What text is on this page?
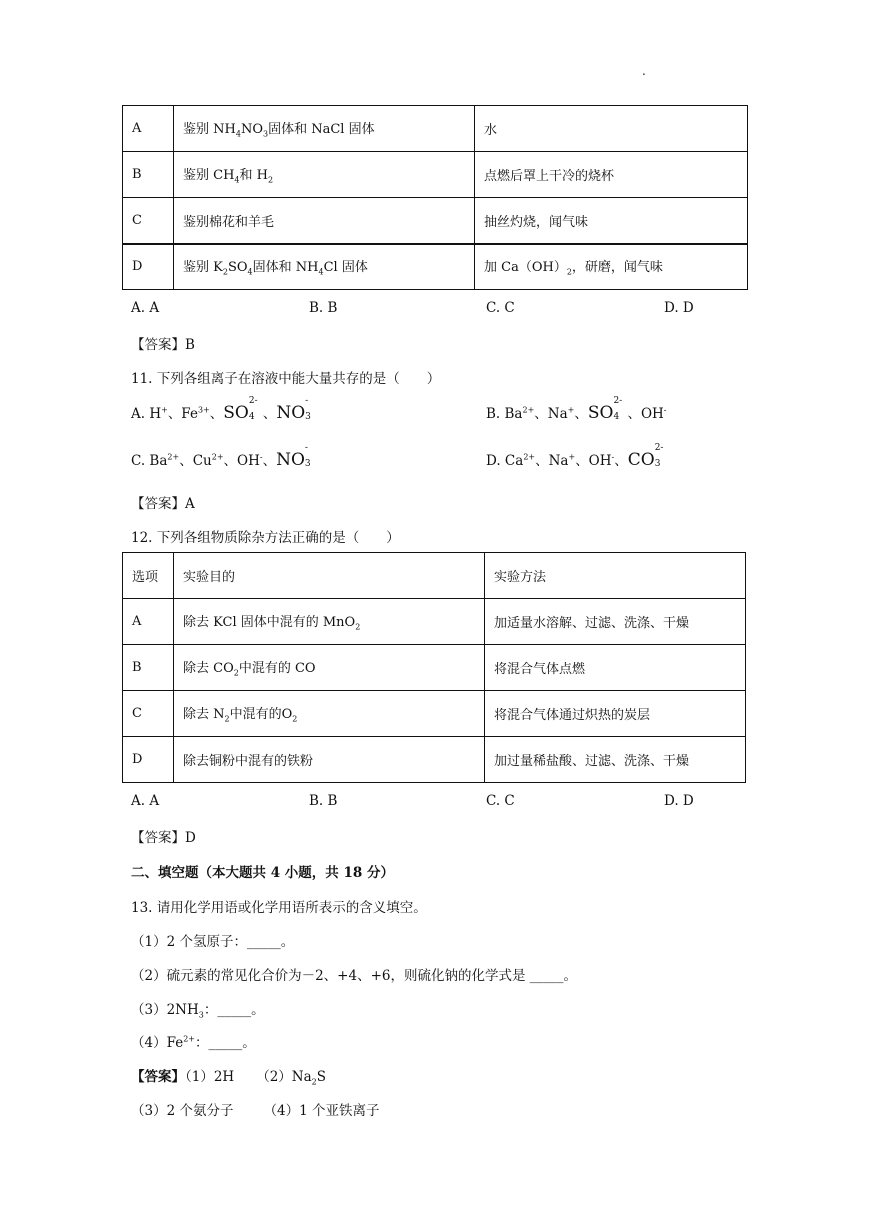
.
A	鉴别 $NH_4NO_3$固体和 NaCl 固体	水
B	鉴别 $CH_4$和 $H_2$	点燃后罩上干冷的烧杯
C	鉴别棉花和羊毛	抽丝灼烧，闻气味
D	鉴别 $K_2SO_4$固体和 $NH_4Cl$ 固体	加 $Ca(OH)_2$，研磨，闻气味
A. A	B. B	C. C	D. D
【答案】B
11. 下列各组离子在溶液中能大量共存的是（　　）
A. H+、$Fe^{3+}$、SO
2-
4 、NO
-
3	B. $Ba^{2+}$、Na+、SO
2-
4 、OH-
C. $Ba^{2+}$、$Cu^{2+}$、OH-、NO
-
3	D. $Ca^{2+}$、Na+、OH-、CO
2-
3
【答案】A
12. 下列各组物质除杂方法正确的是（　　）
选项	实验目的	实验方法
A	除去 KCl 固体中混有的 MnO$_2$	加适量水溶解、过滤、洗涤、干燥
B	除去 $CO_2$中混有的 CO	将混合气体点燃
C	除去 $N_2$中混有的$O_2$	将混合气体通过炽热的炭层
D	除去铜粉中混有的铁粉	加过量稀盐酸、过滤、洗涤、干燥
A. A	B. B	C. C	D. D
【答案】D
二、填空题（本大题共 4 小题，共 18 分）
13. 请用化学用语或化学用语所表示的含义填空。
（1）2 个氢原子：_____。
（2）硫元素的常见化合价为－2、+4、+6，则硫化钠的化学式是 _____。
$(3)2NH_3$：_____。
$(4)Fe^{2+}$：_____。
【答案】（1）2H $(2)Na_2S$
（3）2 个氨分子 （4）1 个亚铁离子
